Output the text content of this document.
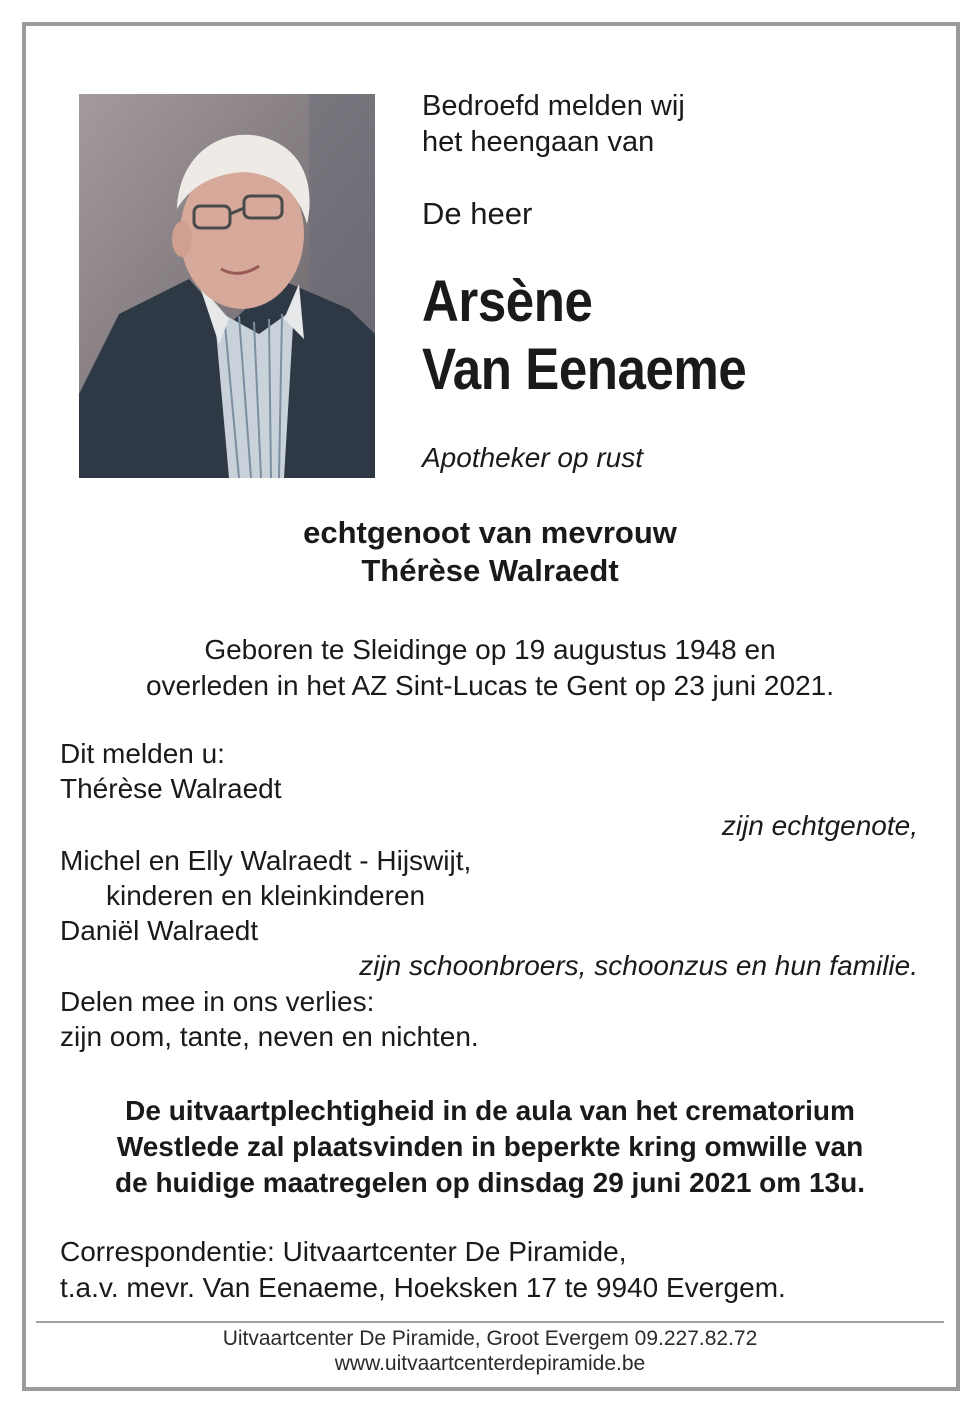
Bedroefd melden wij
het heengaan van
De heer
Arsène
Van Eenaeme
Apotheker op rust
echtgenoot van mevrouw
Thérèse Walraedt
Geboren te Sleidinge op 19 augustus 1948 en
overleden in het AZ Sint-Lucas te Gent op 23 juni 2021.
Dit melden u:
Thérèse Walraedt
zijn echtgenote,
Michel en Elly Walraedt - Hijswijt,
kinderen en kleinkinderen
Daniël Walraedt
zijn schoonbroers, schoonzus en hun familie.
Delen mee in ons verlies:
zijn oom, tante, neven en nichten.
De uitvaartplechtigheid in de aula van het crematorium
Westlede zal plaatsvinden in beperkte kring omwille van
de huidige maatregelen op dinsdag 29 juni 2021 om 13u.
Correspondentie: Uitvaartcenter De Piramide,
t.a.v. mevr. Van Eenaeme, Hoeksken 17 te 9940 Evergem.
Uitvaartcenter De Piramide, Groot Evergem 09.227.82.72
www.uitvaartcenterdepiramide.be
